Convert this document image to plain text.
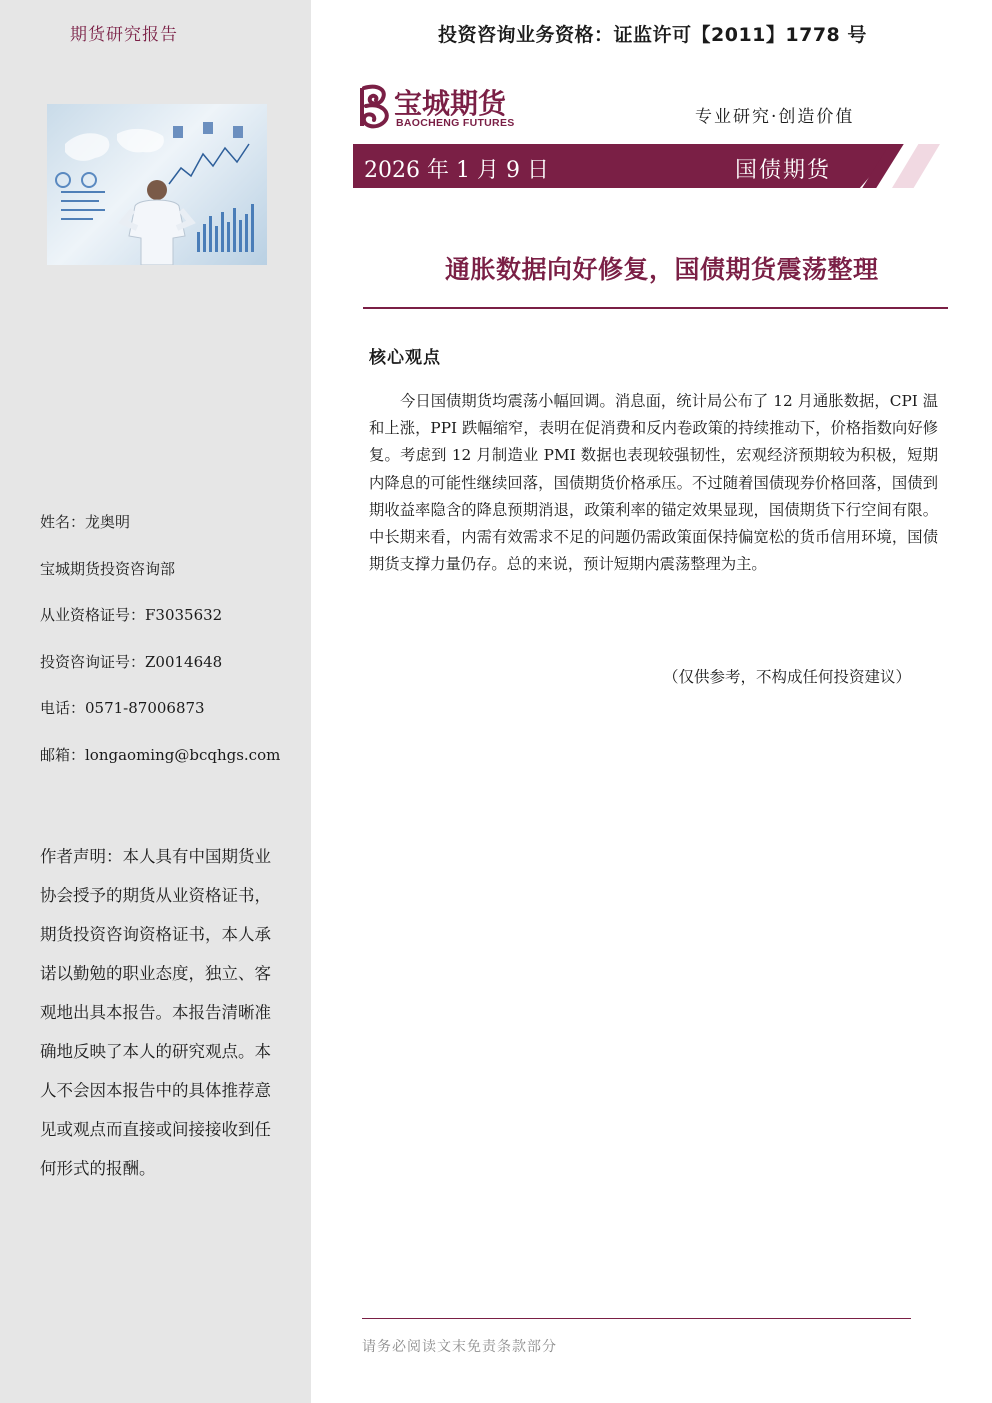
期货研究报告
姓名：龙奥明
宝城期货投资咨询部
从业资格证号：F3035632
投资咨询证号：Z0014648
电话：0571-87006873
邮箱：longaoming@bcqhgs.com
作者声明：本人具有中国期货业协会授予的期货从业资格证书，期货投资咨询资格证书，本人承诺以勤勉的职业态度，独立、客观地出具本报告。本报告清晰准确地反映了本人的研究观点。本人不会因本报告中的具体推荐意见或观点而直接或间接接收到任何形式的报酬。
投资咨询业务资格：证监许可【2011】1778 号
宝城期货
BAOCHENG FUTURES	专业研究·创造价值
2026 年 1 月 9 日	国债期货
通胀数据向好修复，国债期货震荡整理
核心观点
今日国债期货均震荡小幅回调。消息面，统计局公布了 12 月通胀数据，CPI 温和上涨，PPI 跌幅缩窄，表明在促消费和反内卷政策的持续推动下，价格指数向好修复。考虑到 12 月制造业 PMI 数据也表现较强韧性，宏观经济预期较为积极，短期内降息的可能性继续回落，国债期货价格承压。不过随着国债现券价格回落，国债到期收益率隐含的降息预期消退，政策利率的锚定效果显现，国债期货下行空间有限。中长期来看，内需有效需求不足的问题仍需政策面保持偏宽松的货币信用环境，国债期货支撑力量仍存。总的来说，预计短期内震荡整理为主。
（仅供参考，不构成任何投资建议）
请务必阅读文末免责条款部分
